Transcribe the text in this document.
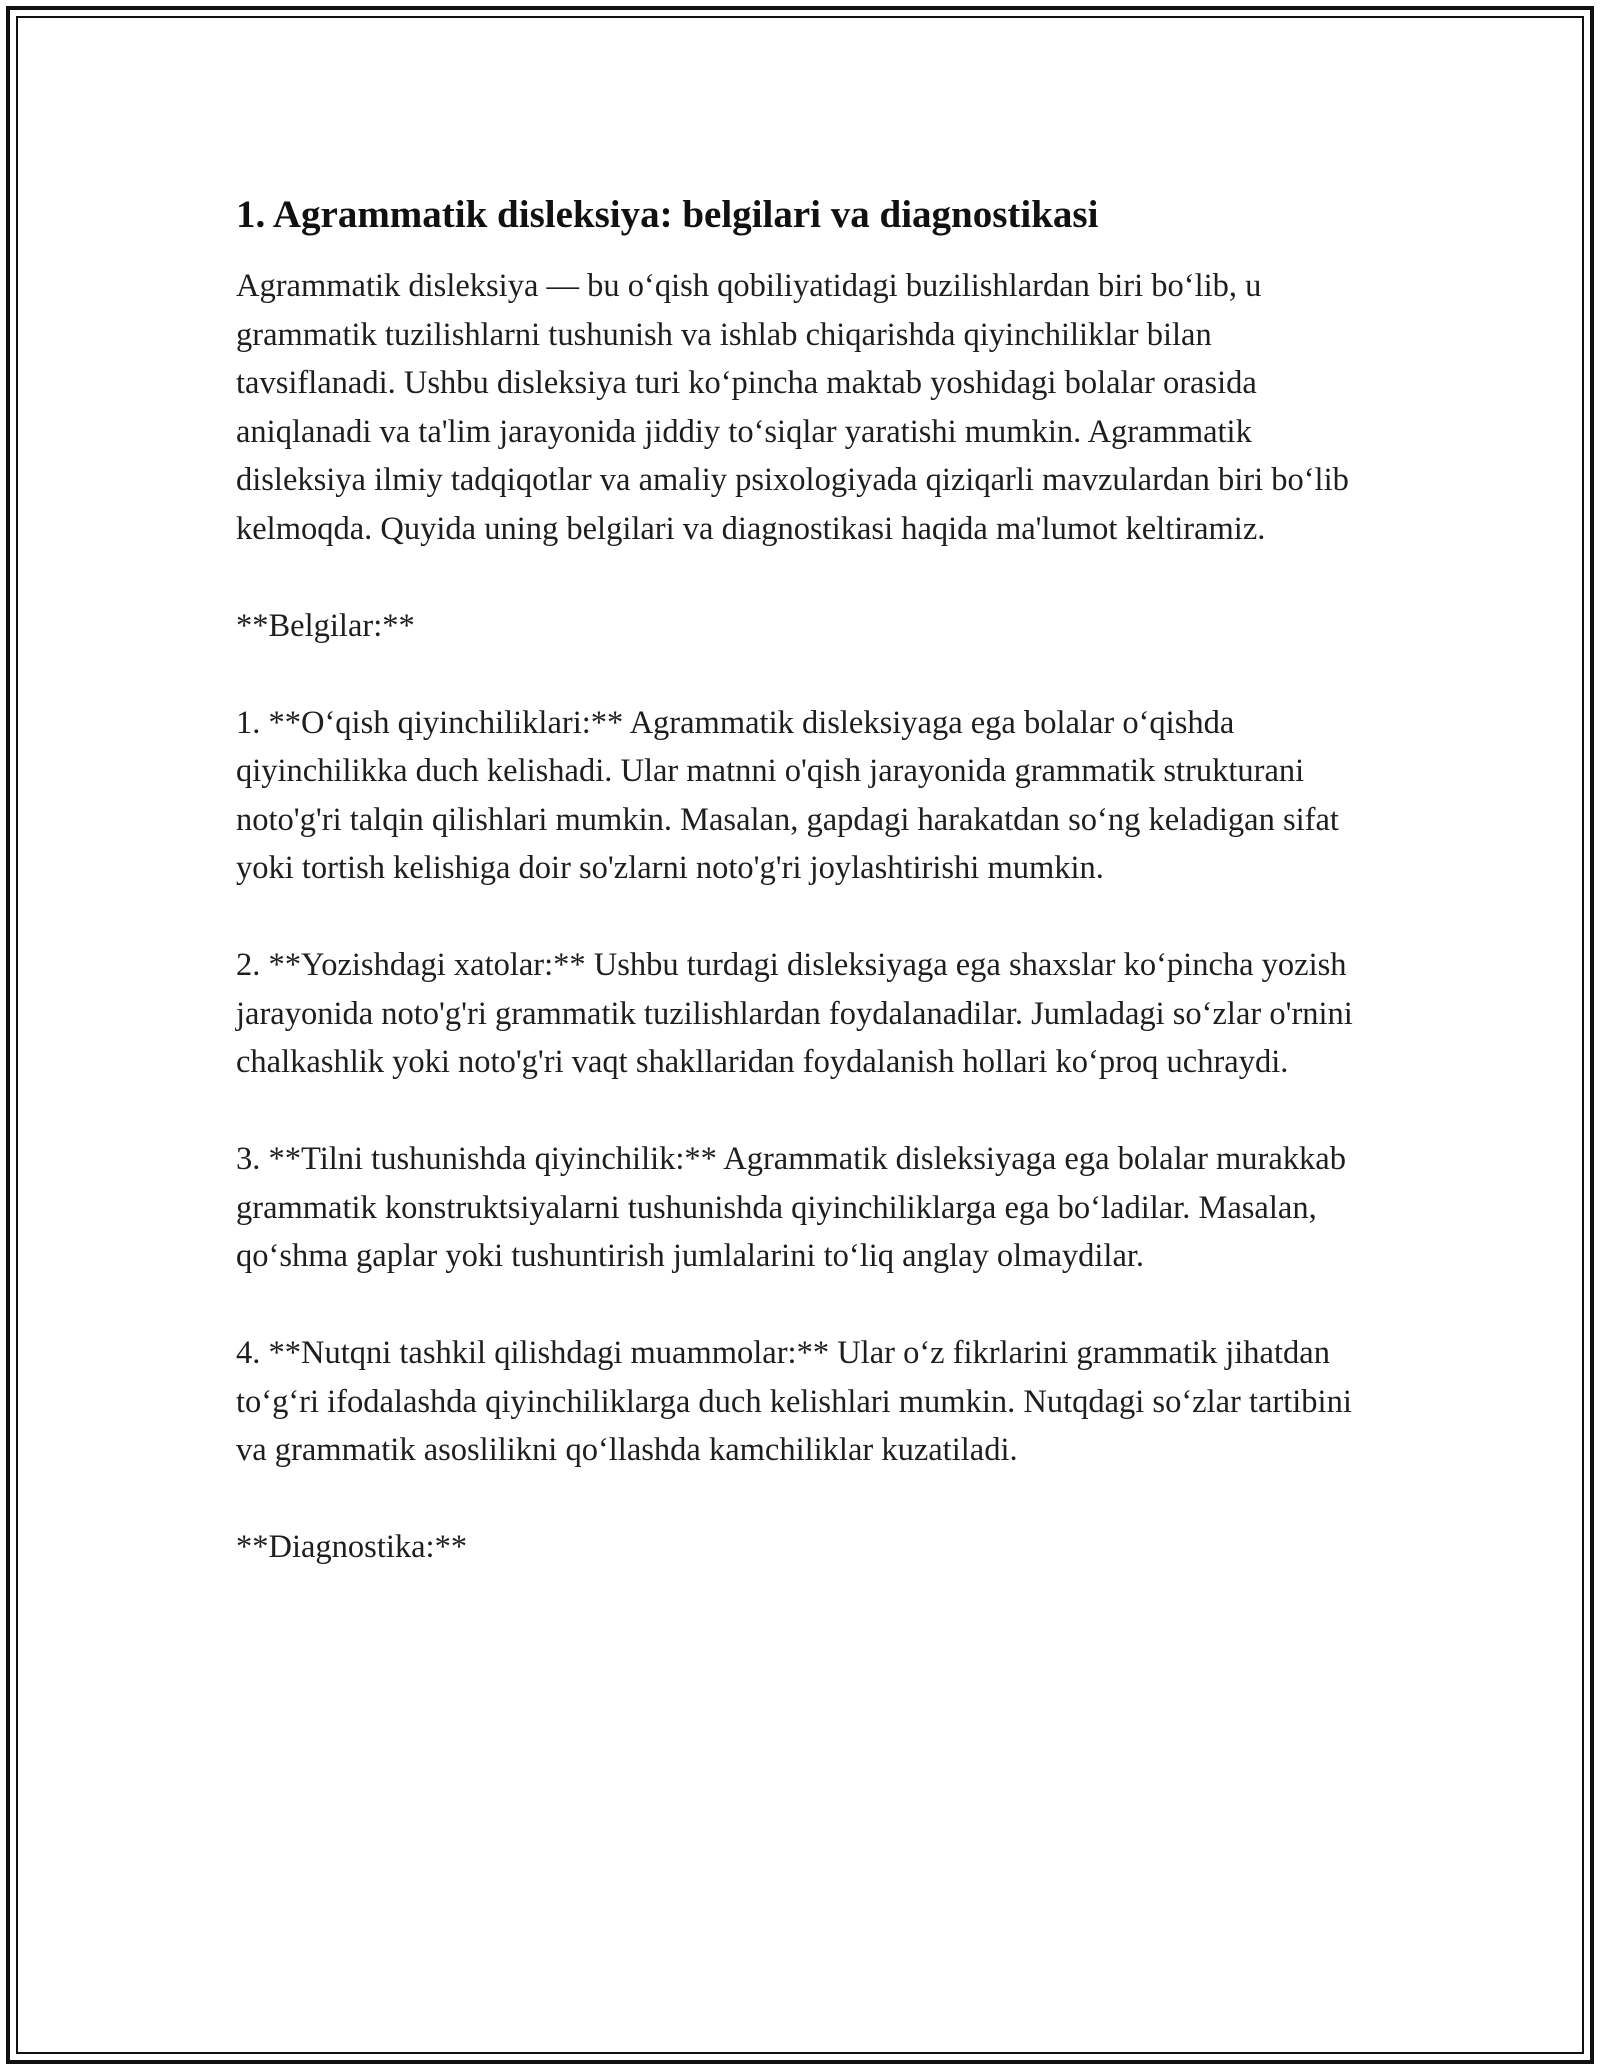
1. Agrammatik disleksiya: belgilari va diagnostikasi

Agrammatik disleksiya — bu o‘qish qobiliyatidagi buzilishlardan biri bo‘lib, u grammatik tuzilishlarni tushunish va ishlab chiqarishda qiyinchiliklar bilan tavsiflanadi. Ushbu disleksiya turi ko‘pincha maktab yoshidagi bolalar orasida aniqlanadi va ta'lim jarayonida jiddiy to‘siqlar yaratishi mumkin. Agrammatik disleksiya ilmiy tadqiqotlar va amaliy psixologiyada qiziqarli mavzulardan biri bo‘lib kelmoqda. Quyida uning belgilari va diagnostikasi haqida ma'lumot keltiramiz.

**Belgilar:**

1. **O‘qish qiyinchiliklari:** Agrammatik disleksiyaga ega bolalar o‘qishda qiyinchilikka duch kelishadi. Ular matnni o'qish jarayonida grammatik strukturani noto'g'ri talqin qilishlari mumkin. Masalan, gapdagi harakatdan so‘ng keladigan sifat yoki tortish kelishiga doir so'zlarni noto'g'ri joylashtirishi mumkin.

2. **Yozishdagi xatolar:** Ushbu turdagi disleksiyaga ega shaxslar ko‘pincha yozish jarayonida noto'g'ri grammatik tuzilishlardan foydalanadilar. Jumladagi so‘zlar o'rnini chalkashlik yoki noto'g'ri vaqt shakllaridan foydalanish hollari ko‘proq uchraydi.

3. **Tilni tushunishda qiyinchilik:** Agrammatik disleksiyaga ega bolalar murakkab grammatik konstruktsiyalarni tushunishda qiyinchiliklarga ega bo‘ladilar. Masalan, qo‘shma gaplar yoki tushuntirish jumlalarini to‘liq anglay olmaydilar.

4. **Nutqni tashkil qilishdagi muammolar:** Ular o‘z fikrlarini grammatik jihatdan to‘g‘ri ifodalashda qiyinchiliklarga duch kelishlari mumkin. Nutqdagi so‘zlar tartibini va grammatik asoslilikni qo‘llashda kamchiliklar kuzatiladi.

**Diagnostika:**
